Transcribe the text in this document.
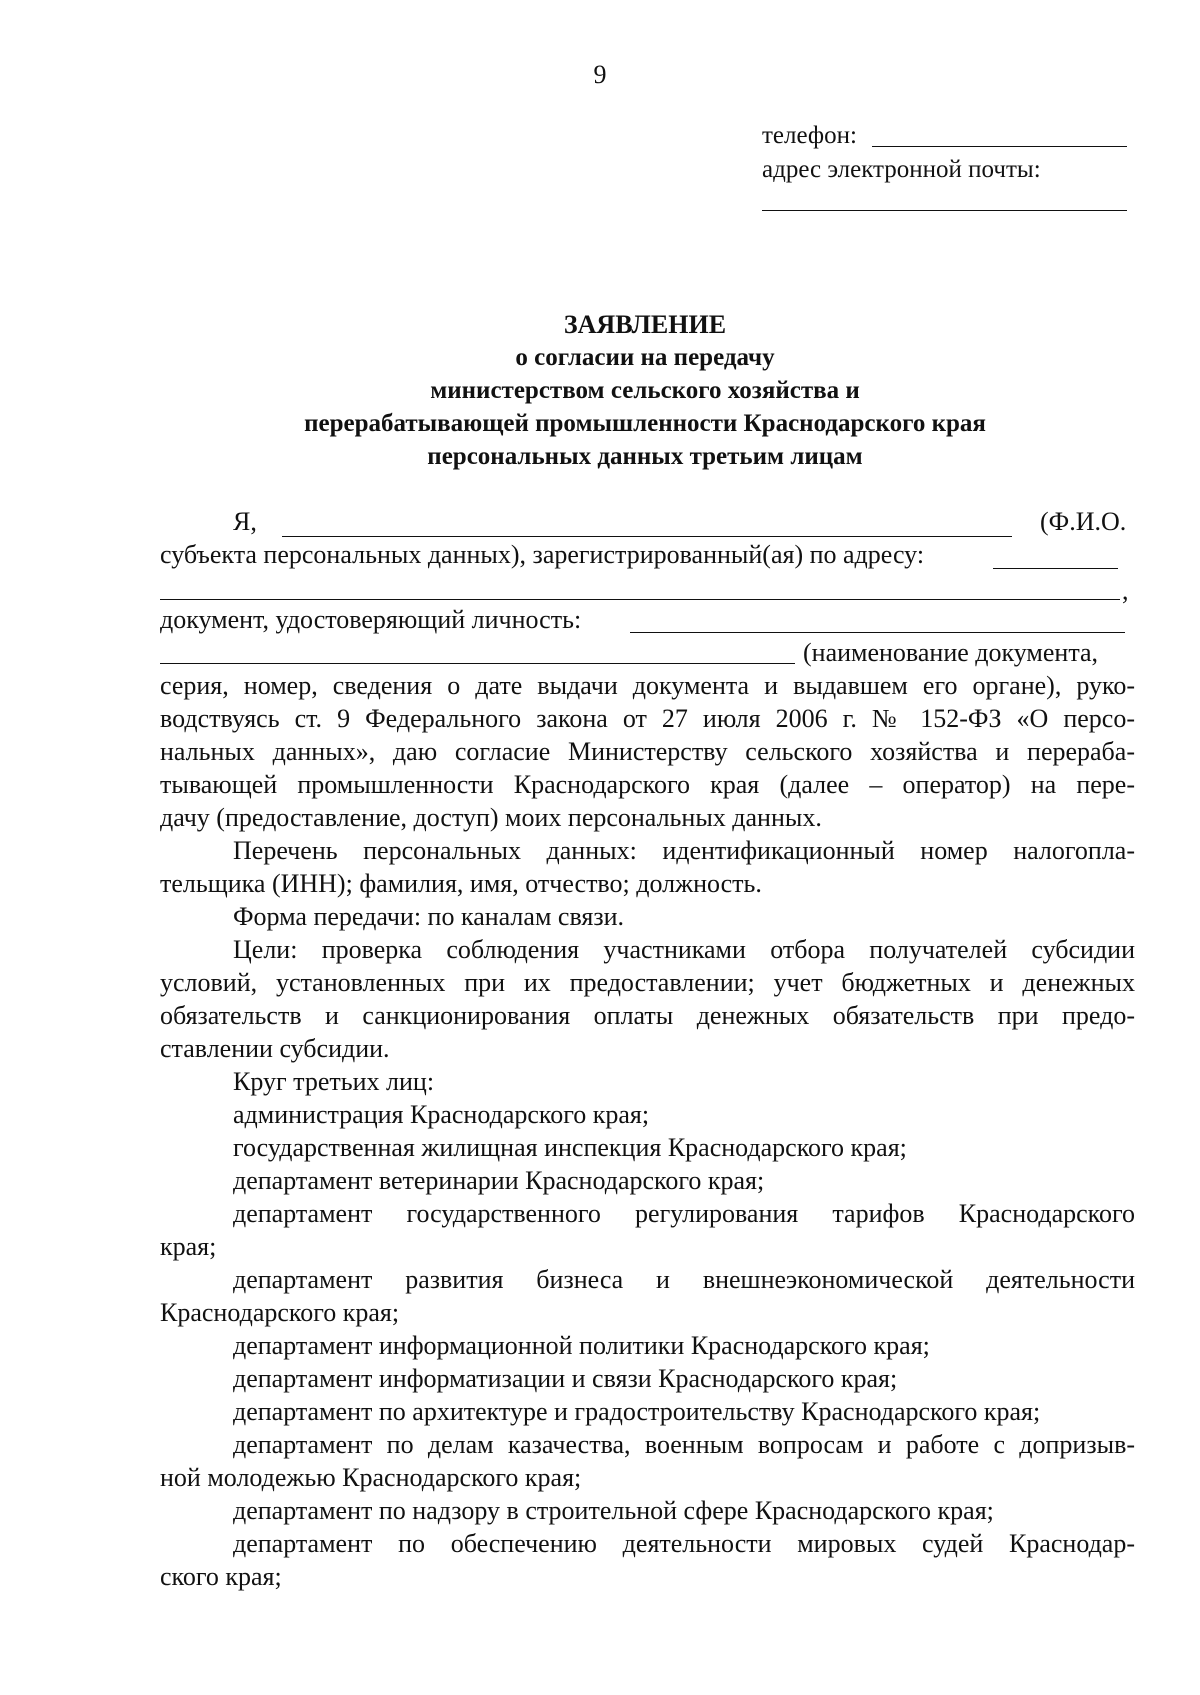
9
телефон:
адрес электронной почты:
ЗАЯВЛЕНИЕ
о согласии на передачу
министерством сельского хозяйства и
перерабатывающей промышленности Краснодарского края
персональных данных третьим лицам
Я,	(Ф.И.О.
субъекта персональных данных), зарегистрированный(ая) по адресу:
,
документ, удостоверяющий личность:
(наименование документа,
серия, номер, сведения о дате выдачи документа и выдавшем его органе), руко-
водствуясь ст. 9 Федерального закона от 27 июля 2006 г. № 152-ФЗ «О персо-
нальных данных», даю согласие Министерству сельского хозяйства и перераба-
тывающей промышленности Краснодарского края (далее – оператор) на пере-
дачу (предоставление, доступ) моих персональных данных.
Перечень персональных данных: идентификационный номер налогопла-
тельщика (ИНН); фамилия, имя, отчество; должность.
Форма передачи: по каналам связи.
Цели: проверка соблюдения участниками отбора получателей субсидии
условий, установленных при их предоставлении; учет бюджетных и денежных
обязательств и санкционирования оплаты денежных обязательств при предо-
ставлении субсидии.
Круг третьих лиц:
администрация Краснодарского края;
государственная жилищная инспекция Краснодарского края;
департамент ветеринарии Краснодарского края;
департамент государственного регулирования тарифов Краснодарского
края;
департамент развития бизнеса и внешнеэкономической деятельности
Краснодарского края;
департамент информационной политики Краснодарского края;
департамент информатизации и связи Краснодарского края;
департамент по архитектуре и градостроительству Краснодарского края;
департамент по делам казачества, военным вопросам и работе с допризыв-
ной молодежью Краснодарского края;
департамент по надзору в строительной сфере Краснодарского края;
департамент по обеспечению деятельности мировых судей Краснодар-
ского края;
